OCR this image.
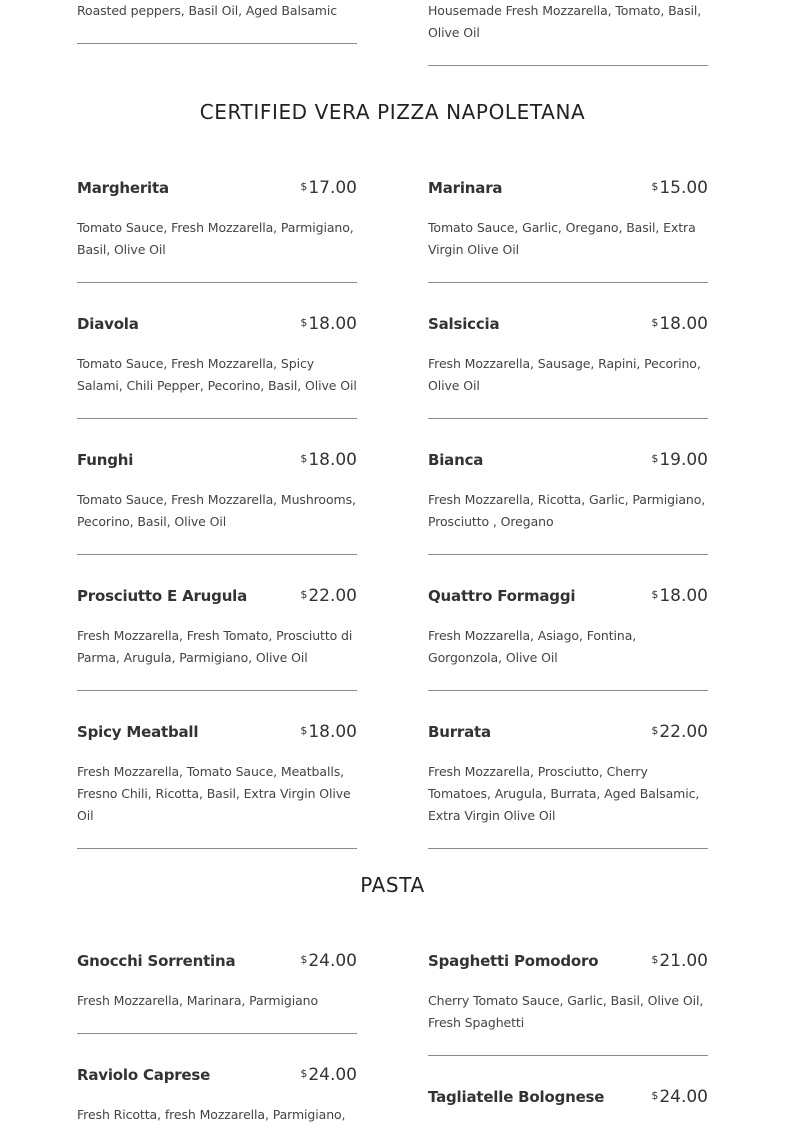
Roasted peppers, Basil Oil, Aged Balsamic	Housemade Fresh Mozzarella, Tomato, Basil, Olive Oil
CERTIFIED VERA PIZZA NAPOLETANA
Margherita	$17.00
Tomato Sauce, Fresh Mozzarella, Parmigiano, Basil, Olive Oil
Diavola	$18.00
Tomato Sauce, Fresh Mozzarella, Spicy Salami, Chili Pepper, Pecorino, Basil, Olive Oil
Funghi	$18.00
Tomato Sauce, Fresh Mozzarella, Mushrooms, Pecorino, Basil, Olive Oil
Prosciutto E Arugula	$22.00
Fresh Mozzarella, Fresh Tomato, Prosciutto di Parma, Arugula, Parmigiano, Olive Oil
Spicy Meatball	$18.00
Fresh Mozzarella, Tomato Sauce, Meatballs, Fresno Chili, Ricotta, Basil, Extra Virgin Olive Oil
Marinara	$15.00
Tomato Sauce, Garlic, Oregano, Basil, Extra Virgin Olive Oil
Salsiccia	$18.00
Fresh Mozzarella, Sausage, Rapini, Pecorino, Olive Oil
Bianca	$19.00
Fresh Mozzarella, Ricotta, Garlic, Parmigiano, Prosciutto , Oregano
Quattro Formaggi	$18.00
Fresh Mozzarella, Asiago, Fontina, Gorgonzola, Olive Oil
Burrata	$22.00
Fresh Mozzarella, Prosciutto, Cherry Tomatoes, Arugula, Burrata, Aged Balsamic, Extra Virgin Olive Oil
PASTA
Gnocchi Sorrentina	$24.00
Fresh Mozzarella, Marinara, Parmigiano
Raviolo Caprese	$24.00
Fresh Ricotta, fresh Mozzarella, Parmigiano,
Spaghetti Pomodoro	$21.00
Cherry Tomato Sauce, Garlic, Basil, Olive Oil, Fresh Spaghetti
Tagliatelle Bolognese	$24.00
